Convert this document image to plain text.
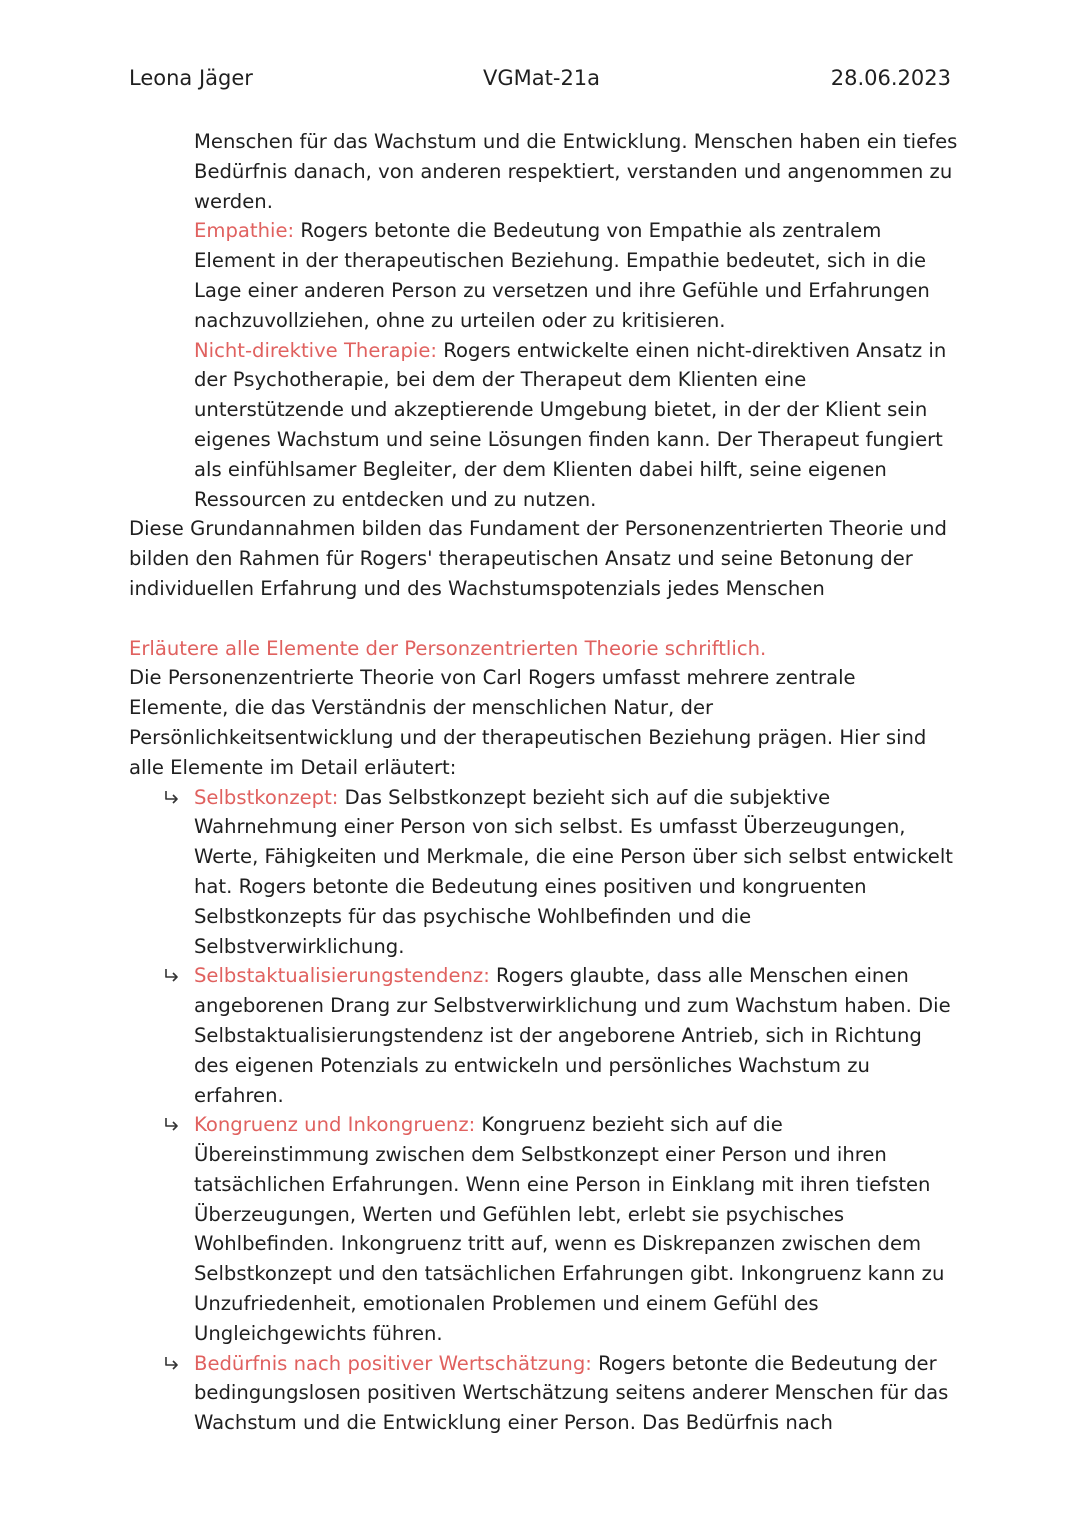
Leona Jäger	VGMat-21a	28.06.2023

Menschen für das Wachstum und die Entwicklung. Menschen haben ein tiefes Bedürfnis danach, von anderen respektiert, verstanden und angenommen zu werden.

Empathie: Rogers betonte die Bedeutung von Empathie als zentralem Element in der therapeutischen Beziehung. Empathie bedeutet, sich in die Lage einer anderen Person zu versetzen und ihre Gefühle und Erfahrungen nachzuvollziehen, ohne zu urteilen oder zu kritisieren.

Nicht-direktive Therapie: Rogers entwickelte einen nicht-direktiven Ansatz in der Psychotherapie, bei dem der Therapeut dem Klienten eine unterstützende und akzeptierende Umgebung bietet, in der der Klient sein eigenes Wachstum und seine Lösungen finden kann. Der Therapeut fungiert als einfühlsamer Begleiter, der dem Klienten dabei hilft, seine eigenen Ressourcen zu entdecken und zu nutzen.

Diese Grundannahmen bilden das Fundament der Personenzentrierten Theorie und bilden den Rahmen für Rogers' therapeutischen Ansatz und seine Betonung der individuellen Erfahrung und des Wachstumspotenzials jedes Menschen

Erläutere alle Elemente der Personzentrierten Theorie schriftlich.

Die Personenzentrierte Theorie von Carl Rogers umfasst mehrere zentrale Elemente, die das Verständnis der menschlichen Natur, der Persönlichkeitsentwicklung und der therapeutischen Beziehung prägen. Hier sind alle Elemente im Detail erläutert:

Selbstkonzept: Das Selbstkonzept bezieht sich auf die subjektive Wahrnehmung einer Person von sich selbst. Es umfasst Überzeugungen, Werte, Fähigkeiten und Merkmale, die eine Person über sich selbst entwickelt hat. Rogers betonte die Bedeutung eines positiven und kongruenten Selbstkonzepts für das psychische Wohlbefinden und die Selbstverwirklichung.

Selbstaktualisierungstendenz: Rogers glaubte, dass alle Menschen einen angeborenen Drang zur Selbstverwirklichung und zum Wachstum haben. Die Selbstaktualisierungstendenz ist der angeborene Antrieb, sich in Richtung des eigenen Potenzials zu entwickeln und persönliches Wachstum zu erfahren.

Kongruenz und Inkongruenz: Kongruenz bezieht sich auf die Übereinstimmung zwischen dem Selbstkonzept einer Person und ihren tatsächlichen Erfahrungen. Wenn eine Person in Einklang mit ihren tiefsten Überzeugungen, Werten und Gefühlen lebt, erlebt sie psychisches Wohlbefinden. Inkongruenz tritt auf, wenn es Diskrepanzen zwischen dem Selbstkonzept und den tatsächlichen Erfahrungen gibt. Inkongruenz kann zu Unzufriedenheit, emotionalen Problemen und einem Gefühl des Ungleichgewichts führen.

Bedürfnis nach positiver Wertschätzung: Rogers betonte die Bedeutung der bedingungslosen positiven Wertschätzung seitens anderer Menschen für das Wachstum und die Entwicklung einer Person. Das Bedürfnis nach
